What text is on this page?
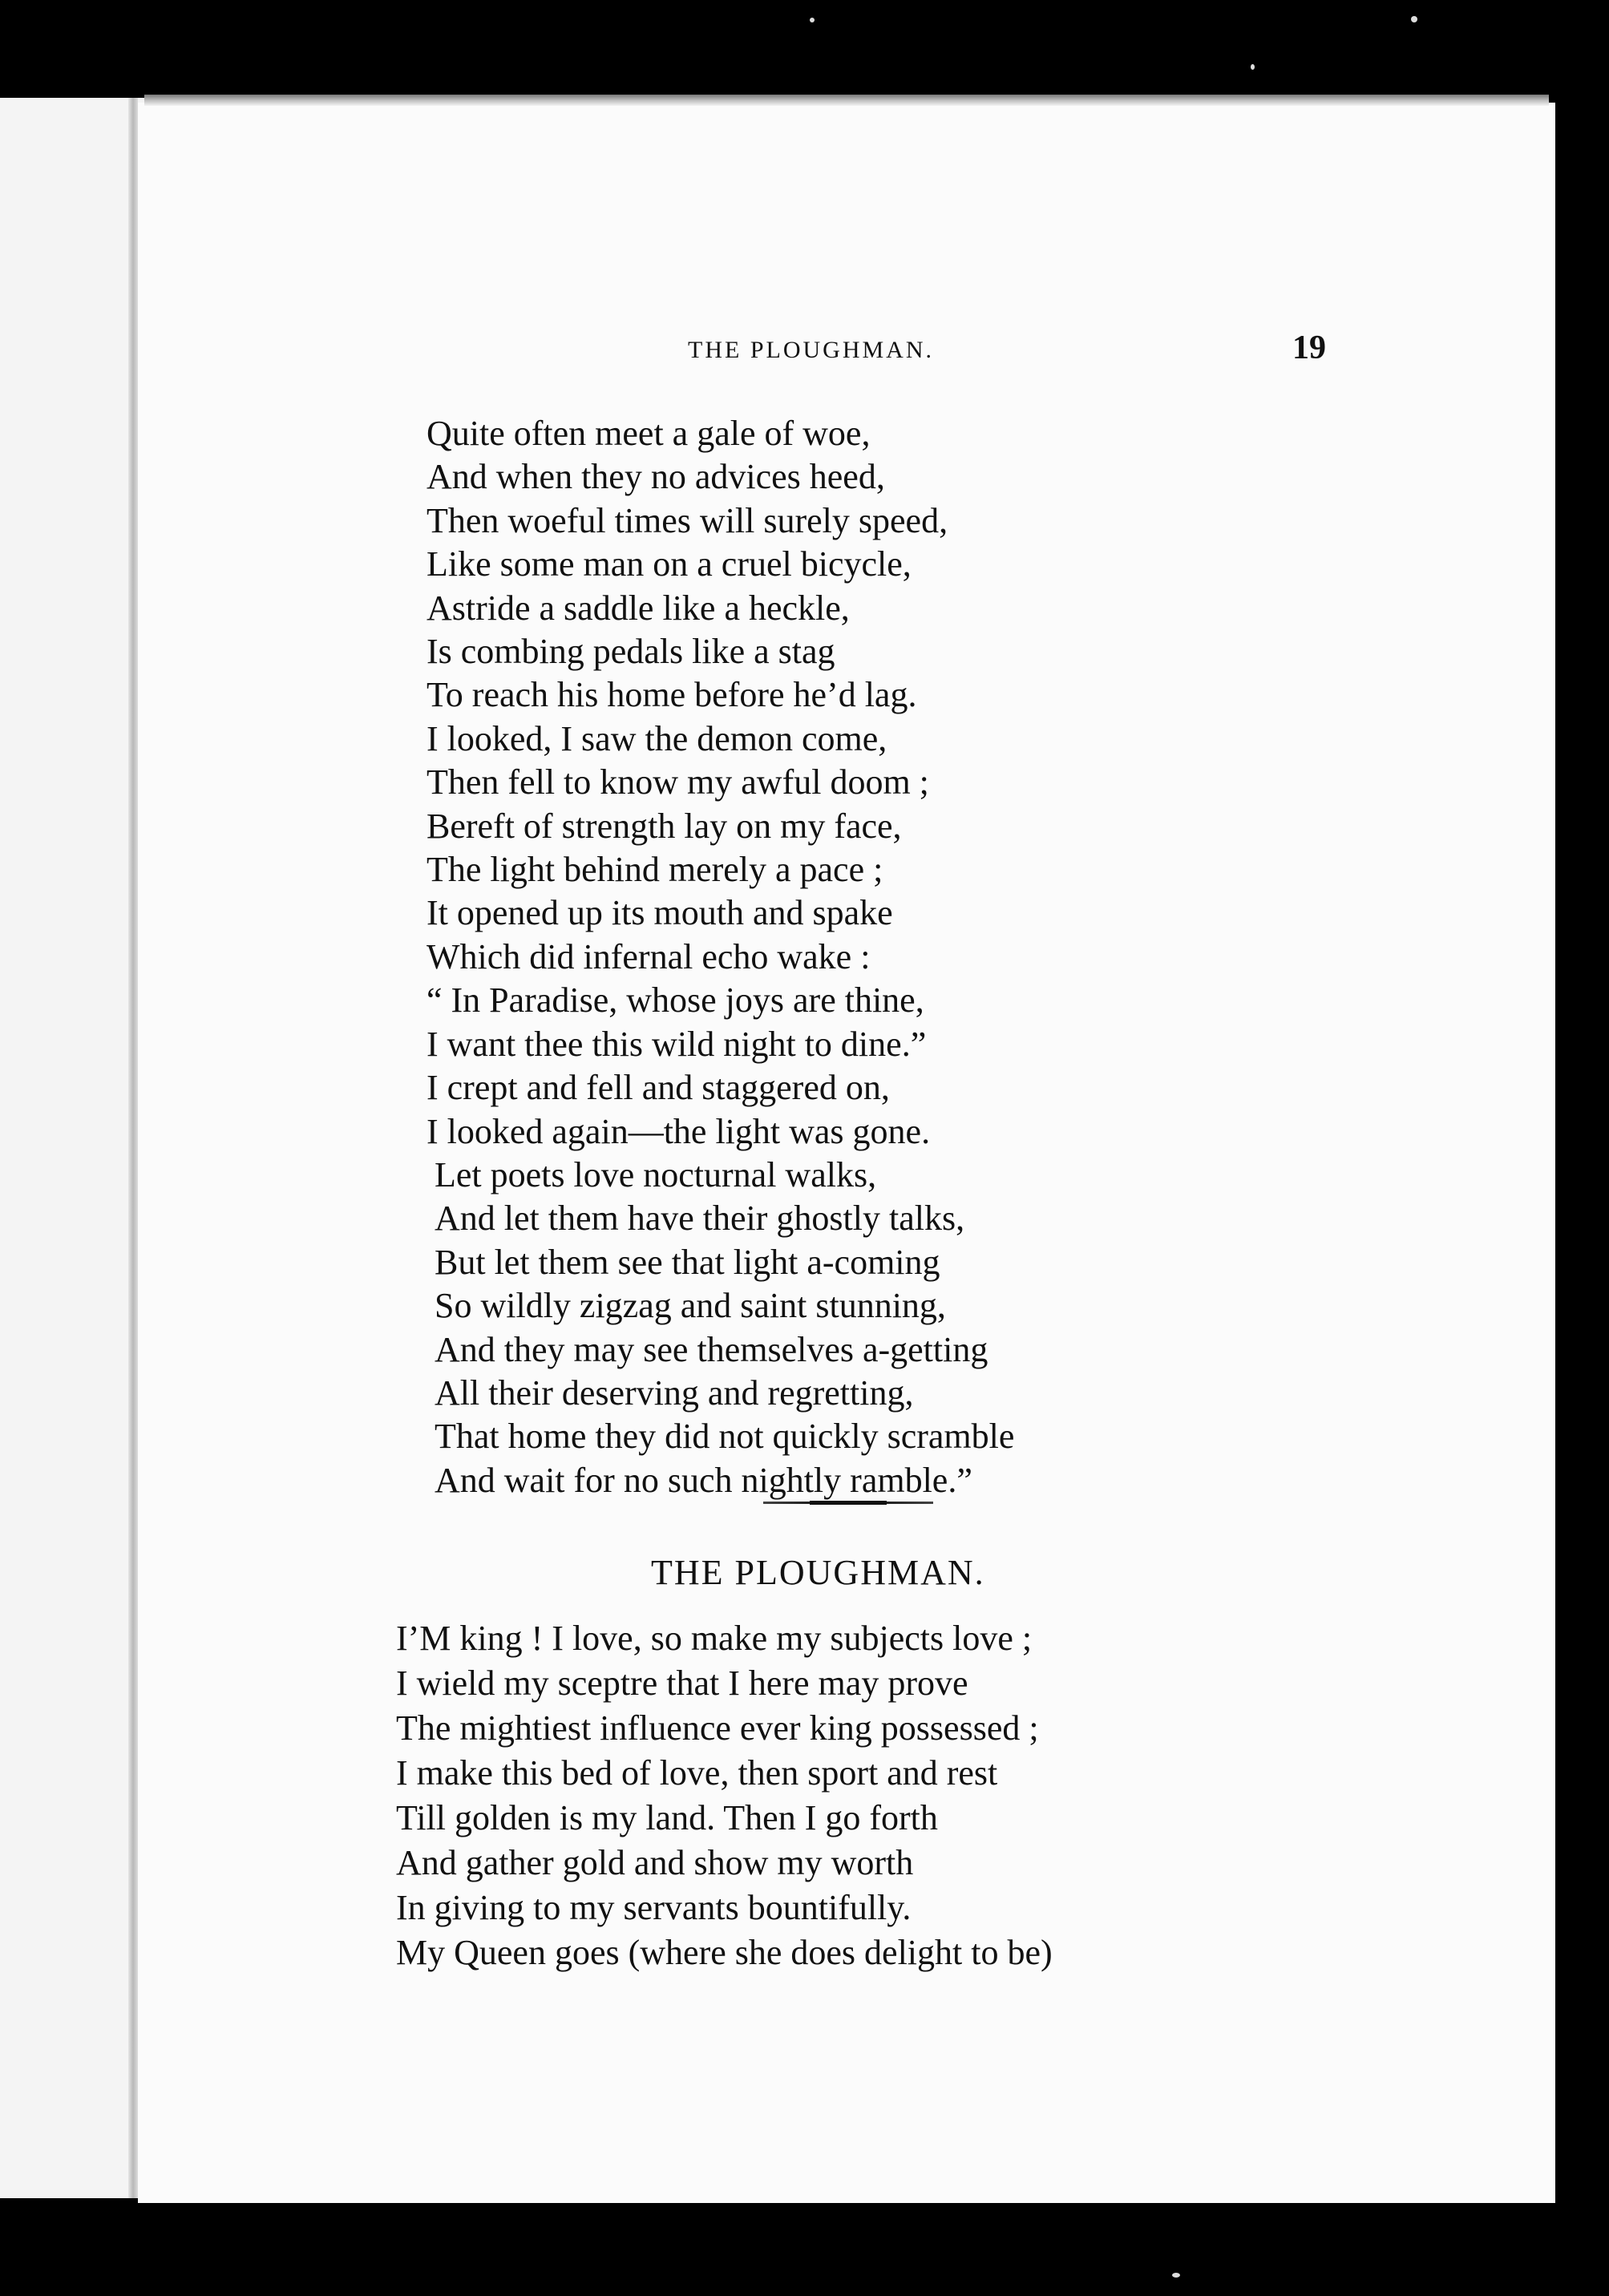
THE PLOUGHMAN.	19
Quite often meet a gale of woe,
And when they no advices heed,
Then woeful times will surely speed,
Like some man on a cruel bicycle,
Astride a saddle like a heckle,
Is combing pedals like a stag
To reach his home before he’d lag.
I looked, I saw the demon come,
Then fell to know my awful doom ;
Bereft of strength lay on my face,
The light behind merely a pace ;
It opened up its mouth and spake
Which did infernal echo wake :
“ In Paradise, whose joys are thine,
I want thee this wild night to dine.”
I crept and fell and staggered on,
I looked again—the light was gone.
Let poets love nocturnal walks,
And let them have their ghostly talks,
But let them see that light a-coming
So wildly zigzag and saint stunning,
And they may see themselves a-getting
All their deserving and regretting,
That home they did not quickly scramble
And wait for no such nightly ramble.”
THE PLOUGHMAN.
I’M king ! I love, so make my subjects love ;
I wield my sceptre that I here may prove
The mightiest influence ever king possessed ;
I make this bed of love, then sport and rest
Till golden is my land. Then I go forth
And gather gold and show my worth
In giving to my servants bountifully.
My Queen goes (where she does delight to be)
